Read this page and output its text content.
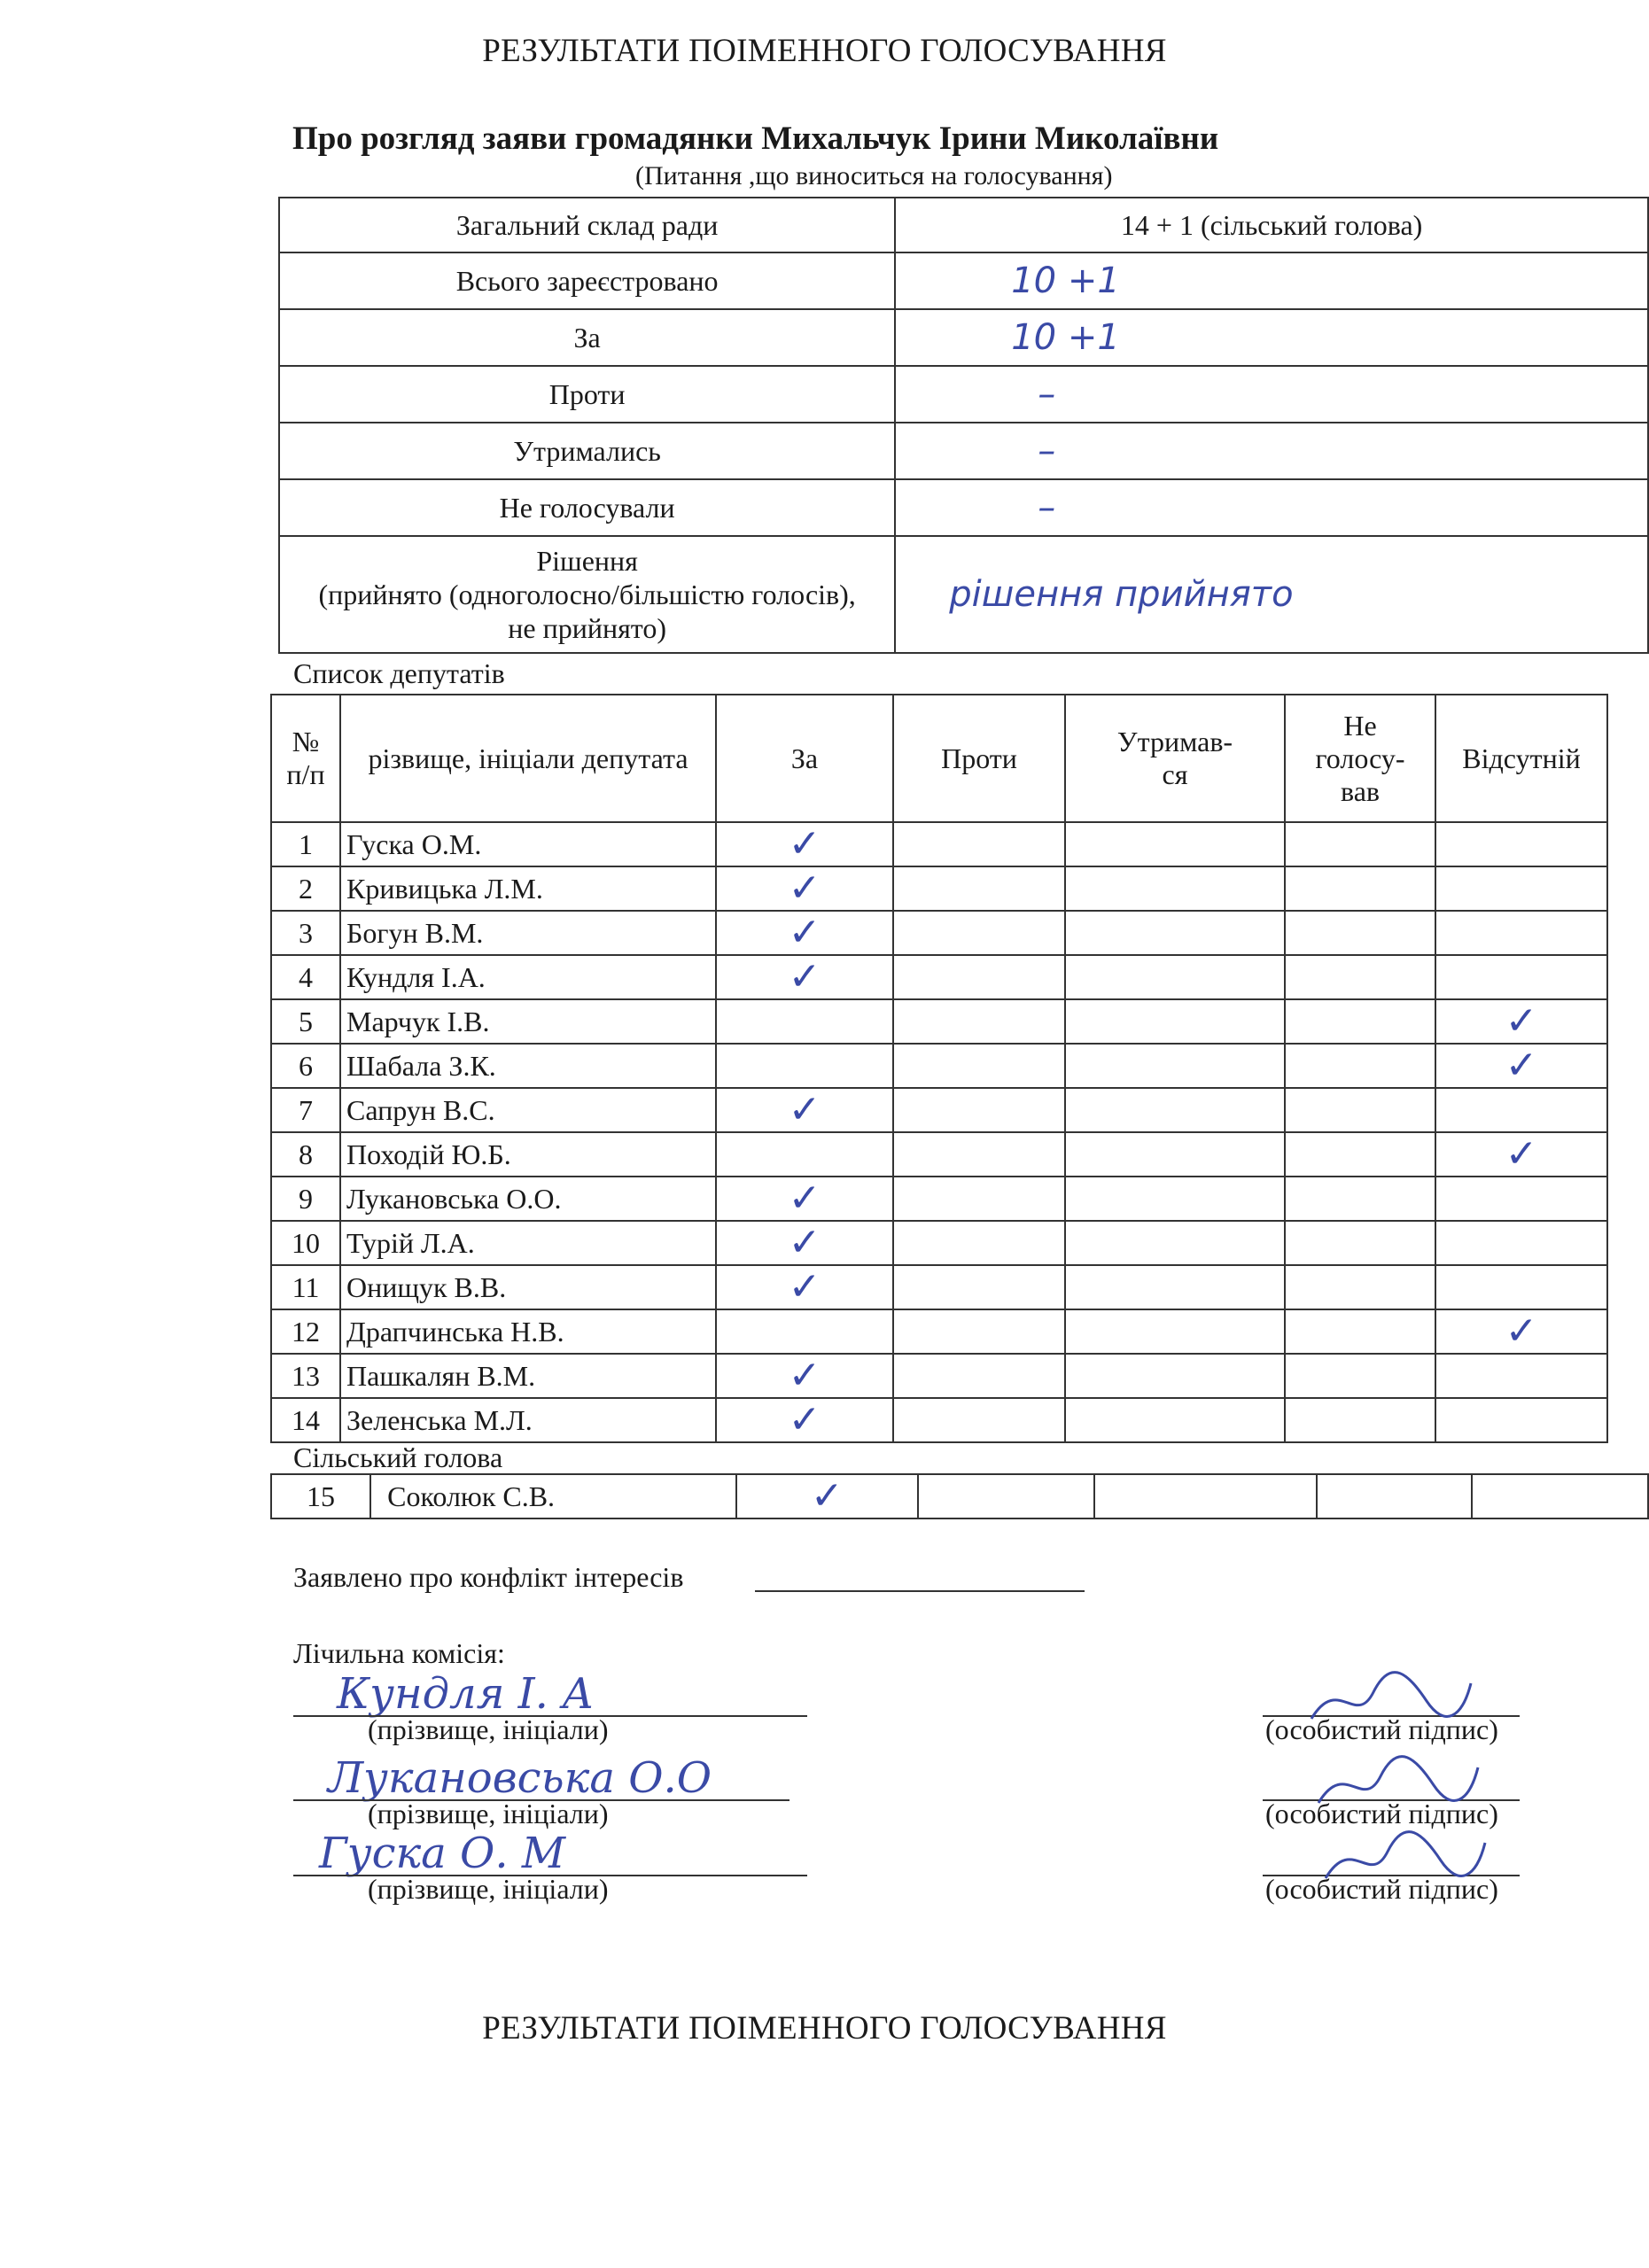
РЕЗУЛЬТАТИ ПОІМЕННОГО ГОЛОСУВАННЯ
Про розгляд заяви громадянки Михальчук Ірини Миколаївни
(Питання ,що виноситься на голосування)
Загальний склад ради	14 + 1 (сільський голова)
Всього зареєстровано	10 +1
За	10 +1
Проти	–
Утримались	–
Не голосували	–

Рішення
(прийнято (одноголосно/більшістю голосів),
не прийнято)	рішення прийнято
Список депутатів
№
п/п	різвище, ініціали депутата	За	Проти	Утримав-
ся	Не
голосу-
вав	Відсутній
1	Гуска О.М.	✓				
2	Кривицька Л.М.	✓				
3	Богун В.М.	✓				
4	Кундля І.А.	✓				
5	Марчук І.В.					✓
6	Шабала З.К.					✓
7	Сапрун В.С.	✓				
8	Походій Ю.Б.					✓
9	Лукановська О.О.	✓				
10	Турій Л.А.	✓				
11	Онищук В.В.	✓				
12	Драпчинська Н.В.					✓
13	Пашкалян В.М.	✓				
14	Зеленська М.Л.	✓				
Сільський голова
15	Соколюк С.В.	✓				
Заявлено про конфлікт інтересів
Лічильна комісія:
Кундля І. А
(прізвище, ініціали)	(особистий підпис)
Лукановська О.О
(прізвище, ініціали)	(особистий підпис)
Гуска О. М
(прізвище, ініціали)	(особистий підпис)
РЕЗУЛЬТАТИ ПОІМЕННОГО ГОЛОСУВАННЯ
